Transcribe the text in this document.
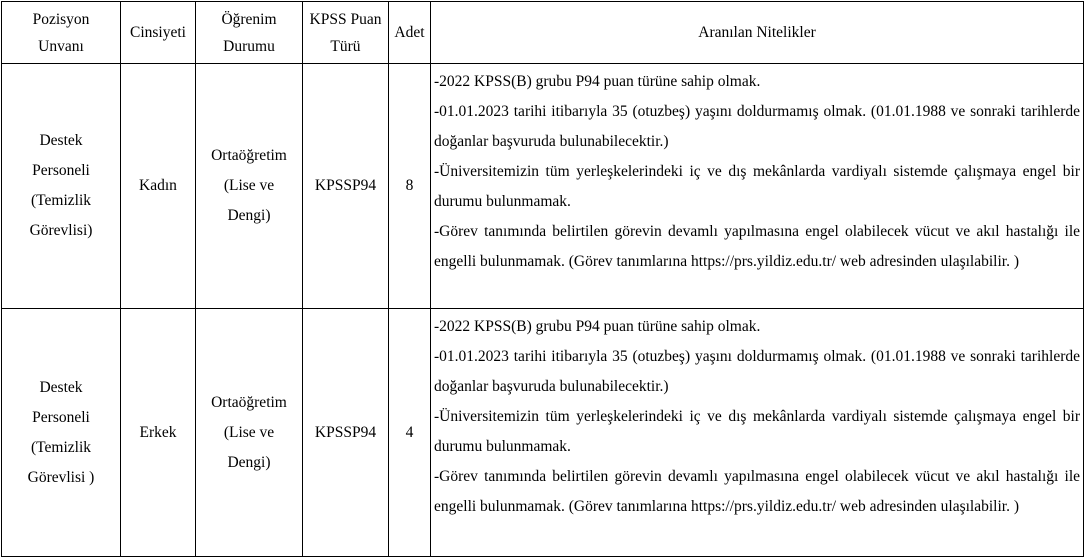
Pozisyon Unvanı	Cinsiyeti	Öğrenim Durumu	KPSS Puan Türü	Adet	Aranılan Nitelikler
Destek Personeli (Temizlik Görevlisi)	Kadın	Ortaöğretim (Lise ve Dengi)	KPSSP94	8	-2022 KPSS(B) grubu P94 puan türüne sahip olmak.

-01.01.2023 tarihi itibarıyla 35 (otuzbeş) yaşını doldurmamış olmak. (01.01.1988 ve sonraki tarihlerde doğanlar başvuruda bulunabilecektir.)

-Üniversitemizin tüm yerleşkelerindeki iç ve dış mekânlarda vardiyalı sistemde çalışmaya engel bir durumu bulunmamak.

-Görev tanımında belirtilen görevin devamlı yapılmasına engel olabilecek vücut ve akıl hastalığı ile engelli bulunmamak. (Görev tanımlarına https://prs.yildiz.edu.tr/ web adresinden ulaşılabilir. )

Destek Personeli (Temizlik Görevlisi )	Erkek	Ortaöğretim (Lise ve Dengi)	KPSSP94	4	-2022 KPSS(B) grubu P94 puan türüne sahip olmak.

-01.01.2023 tarihi itibarıyla 35 (otuzbeş) yaşını doldurmamış olmak. (01.01.1988 ve sonraki tarihlerde doğanlar başvuruda bulunabilecektir.)

-Üniversitemizin tüm yerleşkelerindeki iç ve dış mekânlarda vardiyalı sistemde çalışmaya engel bir durumu bulunmamak.

-Görev tanımında belirtilen görevin devamlı yapılmasına engel olabilecek vücut ve akıl hastalığı ile engelli bulunmamak. (Görev tanımlarına https://prs.yildiz.edu.tr/ web adresinden ulaşılabilir. )
